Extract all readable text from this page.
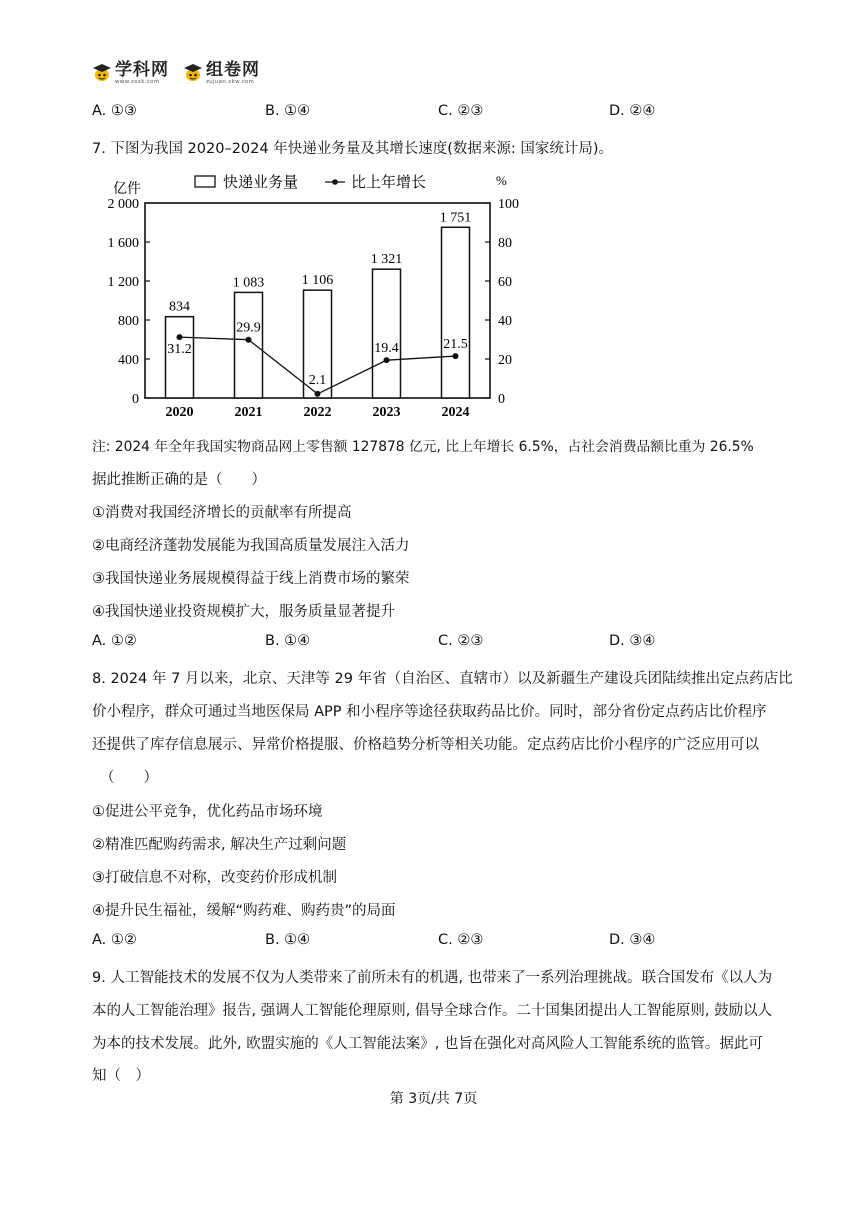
学科网
www.zxxk.com
组卷网
zujuan.xkw.com
A. ①③	B. ①④	C. ②③	D. ②④
7. 下图为我国 2020–2024 年快递业务量及其增长速度(数据来源: 国家统计局)。
0
400
800
1 200
1 600
2 000
0
20
40
60
80
100
亿件
%
快递业务量	比上年增长
834
2020
1 083
2021
1 106
2022
1 321
2023
1 751
2024
31.2
29.9
2.1
19.4	21.5
注: 2024 年全年我国实物商品网上零售额 127878 亿元, 比上年增长 6.5%，占社会消费品额比重为 26.5%
据此推断正确的是（　　）
①消费对我国经济增长的贡献率有所提高
②电商经济蓬勃发展能为我国高质量发展注入活力
③我国快递业务展规模得益于线上消费市场的繁荣
④我国快递业投资规模扩大，服务质量显著提升
A. ①②	B. ①④	C. ②③	D. ③④
8. 2024 年 7 月以来，北京、天津等 29 年省（自治区、直辖市）以及新疆生产建设兵团陆续推出定点药店比
价小程序，群众可通过当地医保局 APP 和小程序等途径获取药品比价。同时，部分省份定点药店比价程序
还提供了库存信息展示、异常价格提服、价格趋势分析等相关功能。定点药店比价小程序的广泛应用可以
（　　）
①促进公平竞争，优化药品市场环境
②精准匹配购药需求, 解决生产过剩问题
③打破信息不对称，改变药价形成机制
④提升民生福祉，缓解“购药难、购药贵”的局面
A. ①②	B. ①④	C. ②③	D. ③④
9. 人工智能技术的发展不仅为人类带来了前所未有的机遇, 也带来了一系列治理挑战。联合国发布《以人为
本的人工智能治理》报告, 强调人工智能伦理原则, 倡导全球合作。二十国集团提出人工智能原则, 鼓励以人
为本的技术发展。此外, 欧盟实施的《人工智能法案》, 也旨在强化对高风险人工智能系统的监管。据此可
知（　）
第 3页/共 7页
